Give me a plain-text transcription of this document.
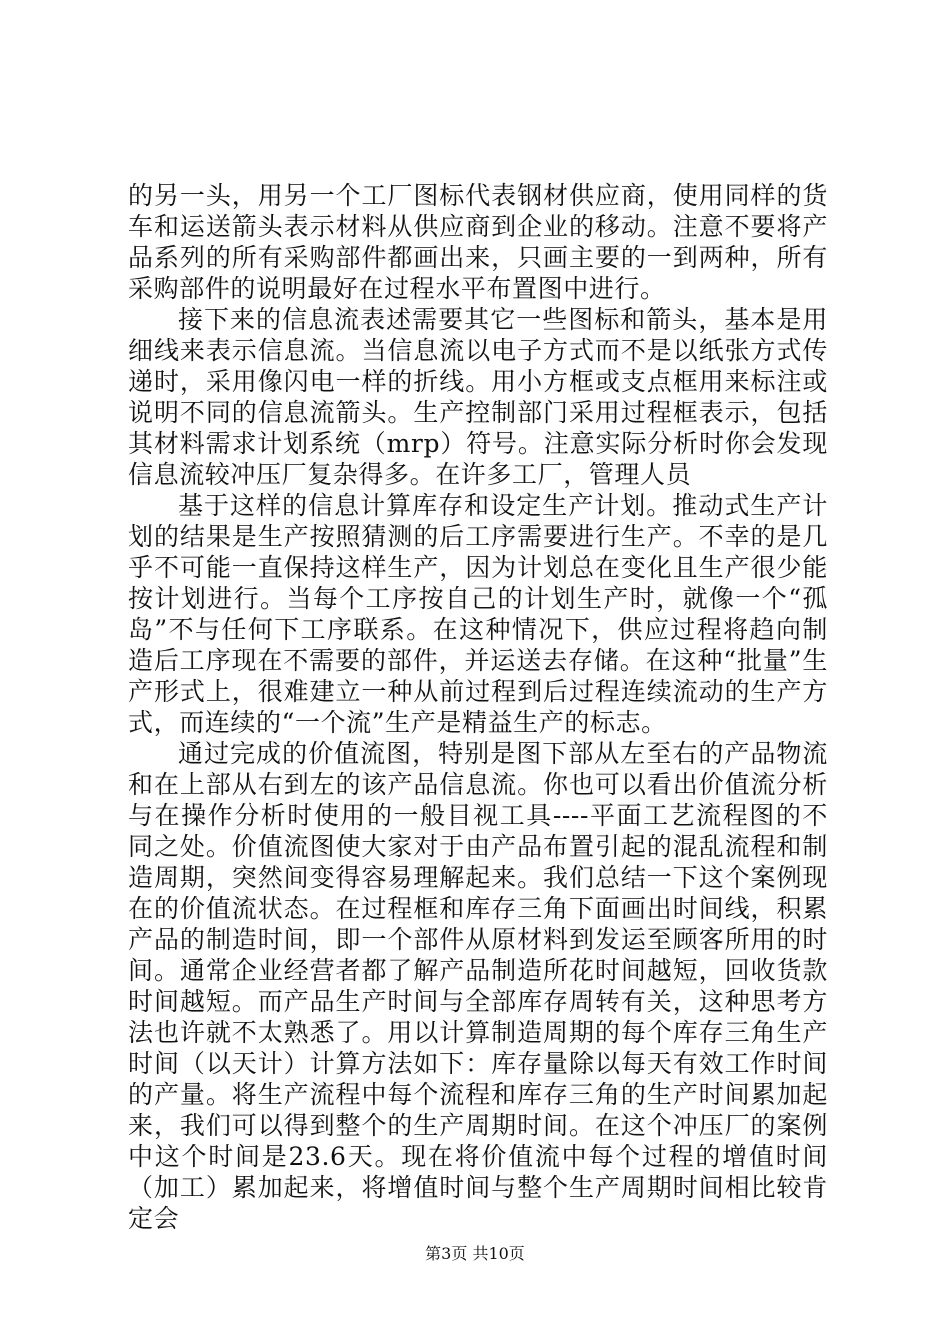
的另一头，用另一个工厂图标代表钢材供应商，使用同样的货车和运送箭头表示材料从供应商到企业的移动。注意不要将产品系列的所有采购部件都画出来，只画主要的一到两种，所有采购部件的说明最好在过程水平布置图中进行。

接下来的信息流表述需要其它一些图标和箭头，基本是用细线来表示信息流。当信息流以电子方式而不是以纸张方式传递时，采用像闪电一样的折线。用小方框或支点框用来标注或说明不同的信息流箭头。生产控制部门采用过程框表示，包括其材料需求计划系统（mrp）符号。注意实际分析时你会发现信息流较冲压厂复杂得多。在许多工厂，管理人员

基于这样的信息计算库存和设定生产计划。推动式生产计划的结果是生产按照猜测的后工序需要进行生产。不幸的是几乎不可能一直保持这样生产，因为计划总在变化且生产很少能按计划进行。当每个工序按自己的计划生产时，就像一个“孤岛”不与任何下工序联系。在这种情况下，供应过程将趋向制造后工序现在不需要的部件，并运送去存储。在这种“批量”生产形式上，很难建立一种从前过程到后过程连续流动的生产方式，而连续的“一个流”生产是精益生产的标志。

通过完成的价值流图，特别是图下部从左至右的产品物流和在上部从右到左的该产品信息流。你也可以看出价值流分析与在操作分析时使用的一般目视工具----平面工艺流程图的不同之处。价值流图使大家对于由产品布置引起的混乱流程和制造周期，突然间变得容易理解起来。我们总结一下这个案例现在的价值流状态。在过程框和库存三角下面画出时间线，积累产品的制造时间，即一个部件从原材料到发运至顾客所用的时间。通常企业经营者都了解产品制造所花时间越短，回收货款时间越短。而产品生产时间与全部库存周转有关，这种思考方法也许就不太熟悉了。用以计算制造周期的每个库存三角生产时间（以天计）计算方法如下：库存量除以每天有效工作时间的产量。将生产流程中每个流程和库存三角的生产时间累加起来，我们可以得到整个的生产周期时间。在这个冲压厂的案例中这个时间是23.6天。现在将价值流中每个过程的增值时间（加工）累加起来，将增值时间与整个生产周期时间相比较肯定会

第3页 共10页
